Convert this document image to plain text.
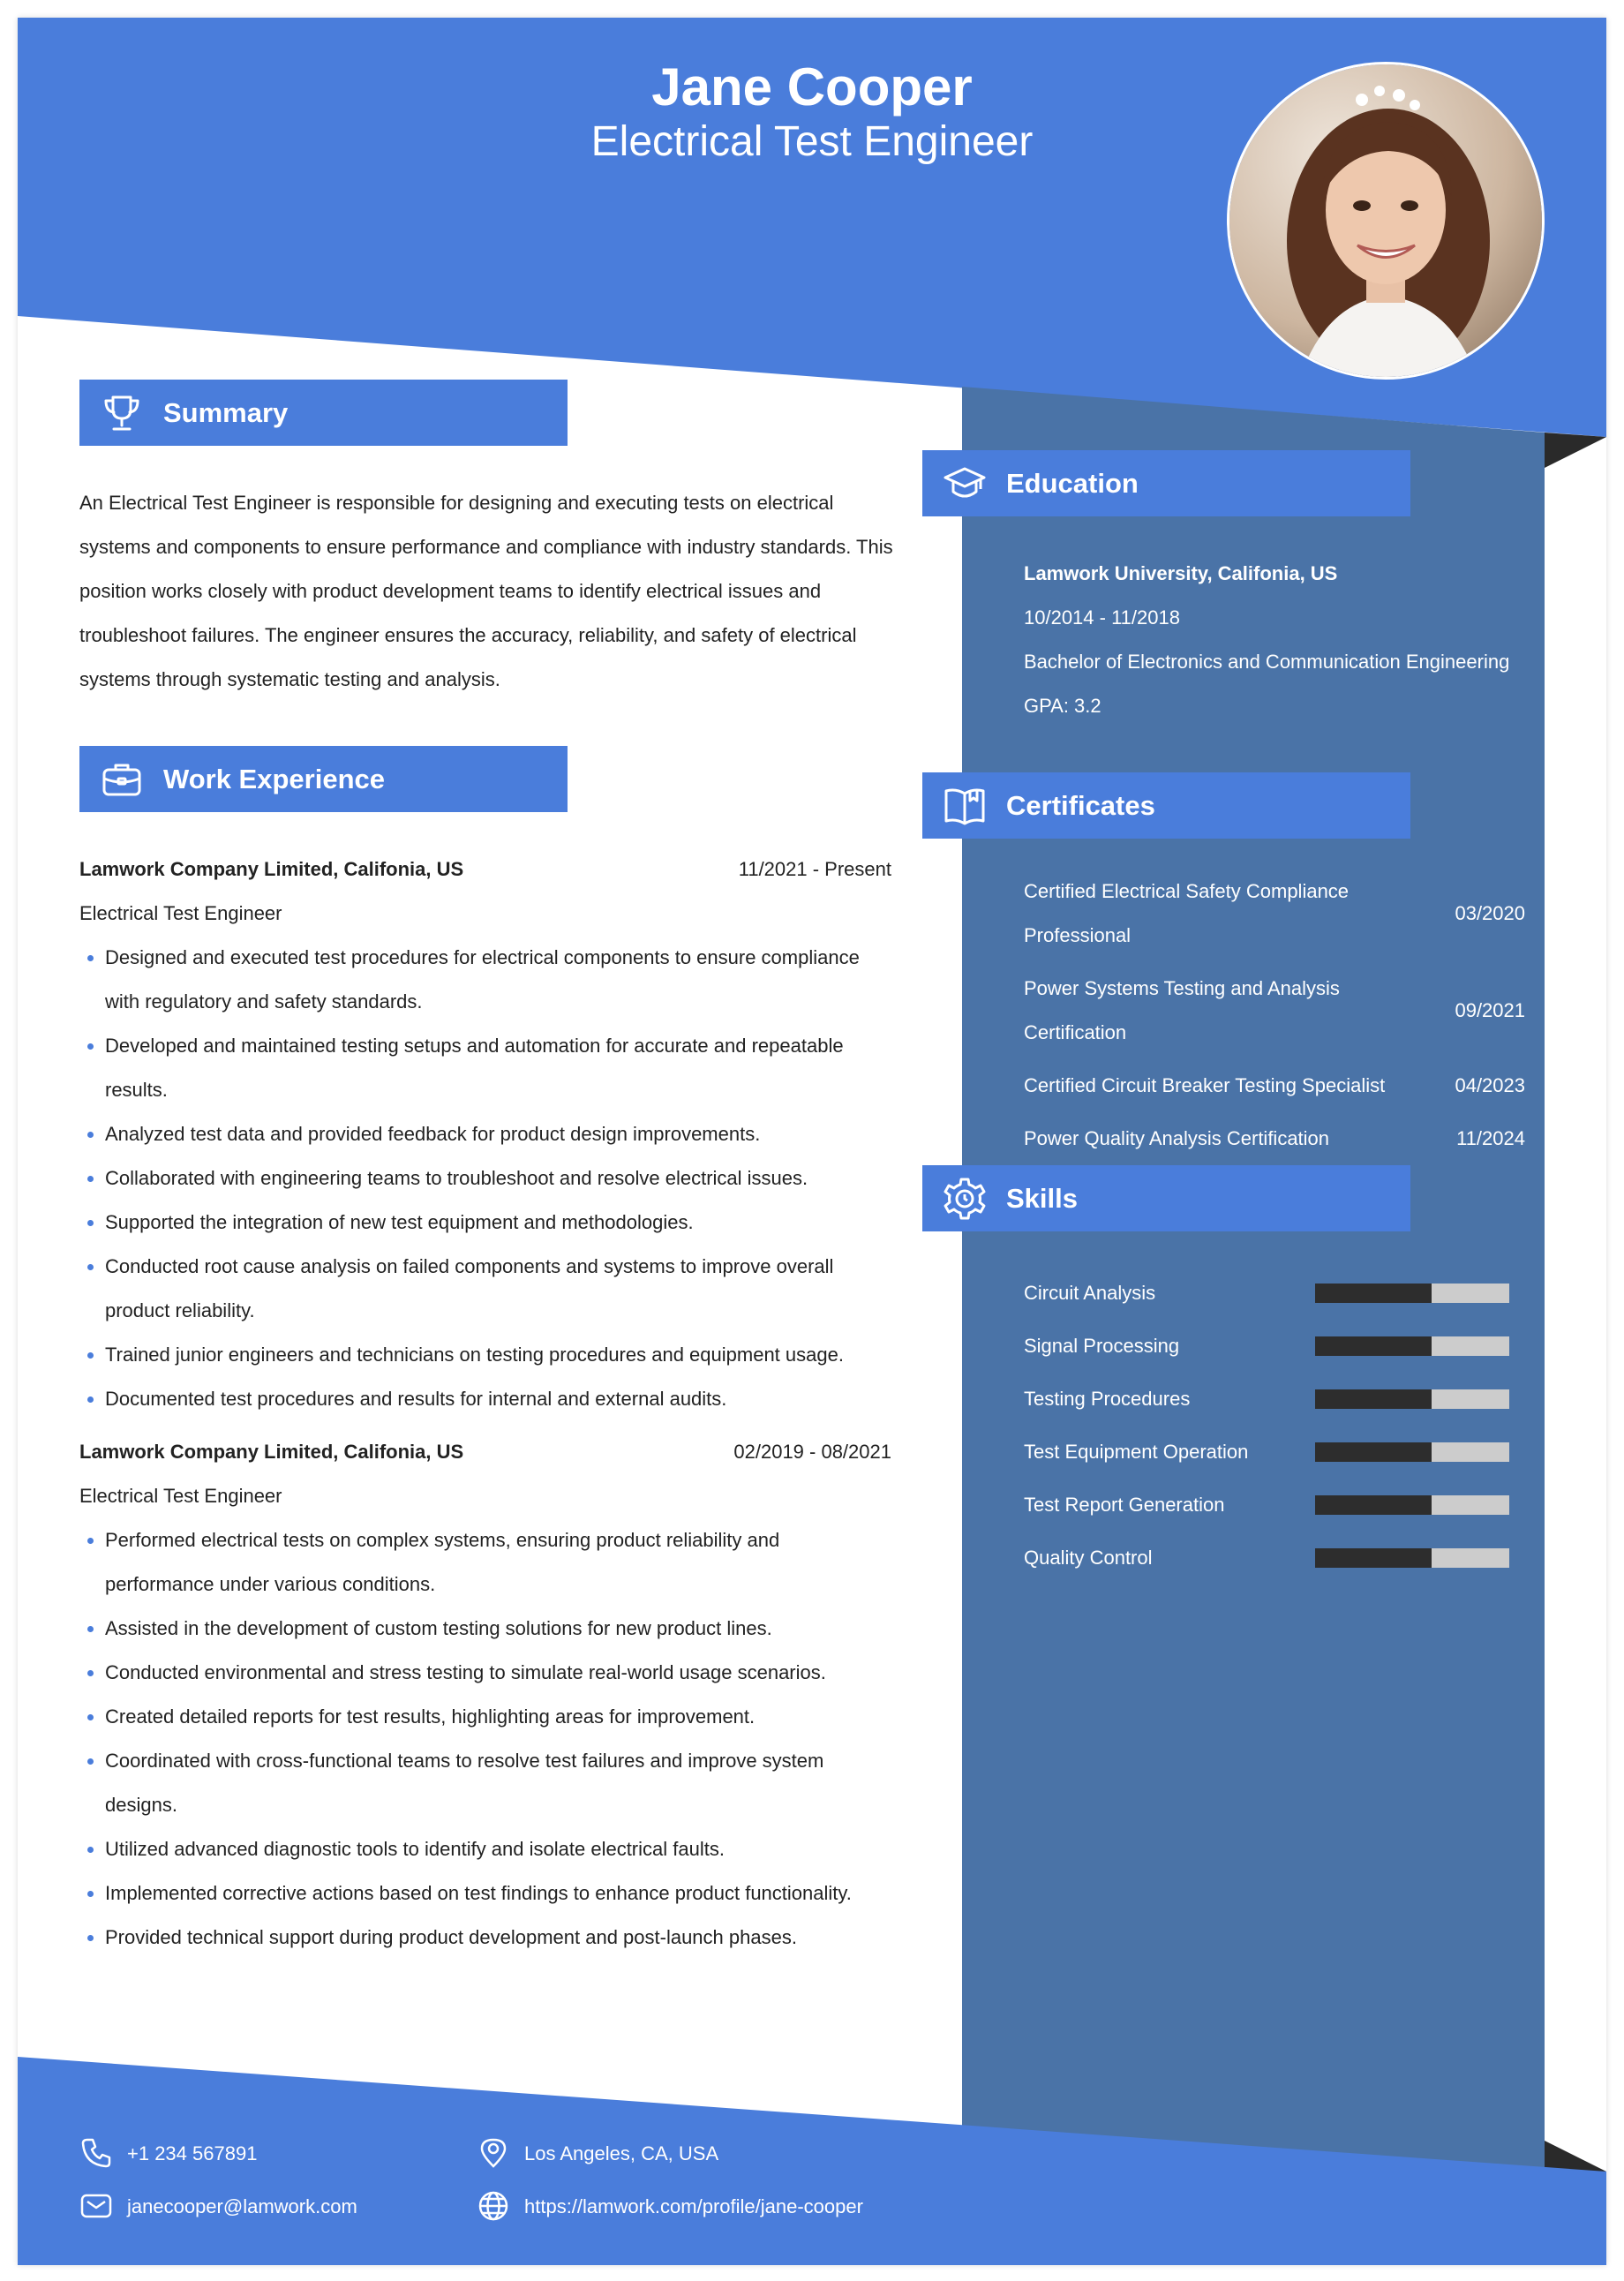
Jane Cooper
Electrical Test Engineer
Summary
An Electrical Test Engineer is responsible for designing and executing tests on electrical systems and components to ensure performance and compliance with industry standards. This position works closely with product development teams to identify electrical issues and troubleshoot failures. The engineer ensures the accuracy, reliability, and safety of electrical systems through systematic testing and analysis.
Work Experience
Lamwork Company Limited, Califonia, US	11/2021 - Present
Electrical Test Engineer
Designed and executed test procedures for electrical components to ensure compliance with regulatory and safety standards.
Developed and maintained testing setups and automation for accurate and repeatable results.
Analyzed test data and provided feedback for product design improvements.
Collaborated with engineering teams to troubleshoot and resolve electrical issues.
Supported the integration of new test equipment and methodologies.
Conducted root cause analysis on failed components and systems to improve overall product reliability.
Trained junior engineers and technicians on testing procedures and equipment usage.
Documented test procedures and results for internal and external audits.
Lamwork Company Limited, Califonia, US	02/2019 - 08/2021
Electrical Test Engineer
Performed electrical tests on complex systems, ensuring product reliability and performance under various conditions.
Assisted in the development of custom testing solutions for new product lines.
Conducted environmental and stress testing to simulate real-world usage scenarios.
Created detailed reports for test results, highlighting areas for improvement.
Coordinated with cross-functional teams to resolve test failures and improve system designs.
Utilized advanced diagnostic tools to identify and isolate electrical faults.
Implemented corrective actions based on test findings to enhance product functionality.
Provided technical support during product development and post-launch phases.
Education
Lamwork University, Califonia, US
10/2014 - 11/2018
Bachelor of Electronics and Communication Engineering
GPA: 3.2
Certificates
Certified Electrical Safety Compliance Professional
03/2020
Power Systems Testing and Analysis Certification
09/2021
Certified Circuit Breaker Testing Specialist	04/2023
Power Quality Analysis Certification	11/2024
Skills
Circuit Analysis
Signal Processing
Testing Procedures
Test Equipment Operation
Test Report Generation
Quality Control
+1 234 567891	Los Angeles, CA, USA
janecooper@lamwork.com	https://lamwork.com/profile/jane-cooper
